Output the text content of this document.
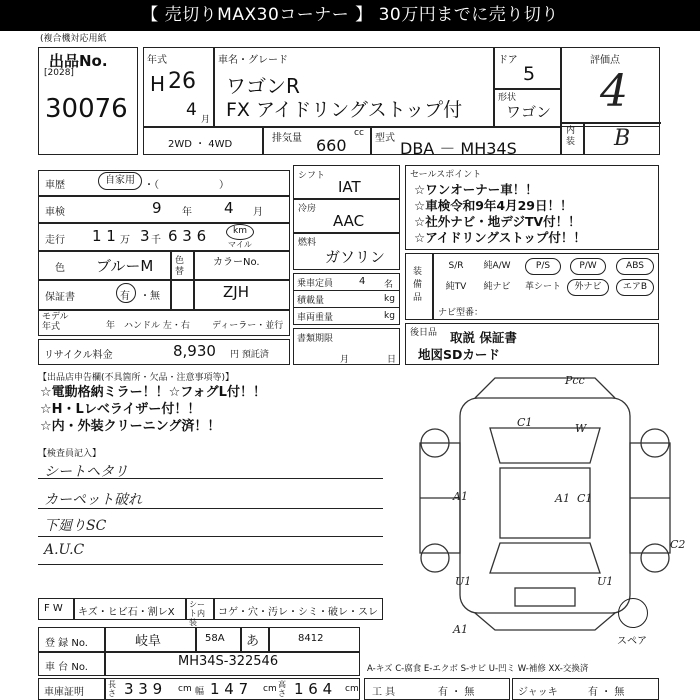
【 売切りMAX30コーナー 】 30万円までに売り切り
(複合機対応用紙
出品No.
[2028]
30076
年式
H 26
4 月
車名・グレード
ワゴンR
FX アイドリングストップ付
ドア
5
形状
ワゴン
評価点
4
内装 B
2WD ・ 4WD
排気量	cc
660	型式
DBA － MH34S
車歴	自家用 ・（　　　　　　）
車検	9 年 4 月
走行 1 1 万 3 千 6 3 6	km
マイル
色 ブルーM 色替
カラーNo.
保証書	有 ・無	ZJH
モデル年式	年 ハンドル 左・右 ディーラー・並行
リサイクル料金	8,930 円 預託済
シフト
IAT
冷房
AAC
燃料
ガソリン
乗車定員	4 名
積載量	kg
車両重量	kg
書類期限
月	日
セールスポイント
☆ワンオーナー車！！
☆車検令和9年4月29日！！
☆社外ナビ・地デジTV付！！
☆アイドリングストップ付！！
装備品
S/R	純A/W	P/S	P/W	ABS
純TV	純ナビ	革シート	外ナビ	エアB
ナビ型番：
後日品 取説 保証書
地図SDカード
【出品店申告欄(不具箇所・欠品・注意事項等)】
☆電動格納ミラー！！☆フォグL付！！
☆H・Lレベライザー付！！
☆内・外装クリーニング済！！
【検査員記入】
シートヘタリ
カーペット破れ
下廻りSC
A.U.C
Pcc
C1	W
A1	A1 C1
U1	U1
C2
A1
スペア
F W キズ・ヒビ石・割レX
シート内装
コゲ・穴・汚レ・シミ・破レ・スレ
登 録 No.	岐阜	58A あ	8412
車 台 No.	MH34S-322546	A-キズ C-腐食 E-エクボ S-サビ U-凹ミ W-補修 XX-交換済
車庫証明
長さ 3 3 9 cm 幅 1 4 7 cm 高さ 1 6 4 cm 工 具	有 ・ 無	ジャッキ	有 ・ 無
